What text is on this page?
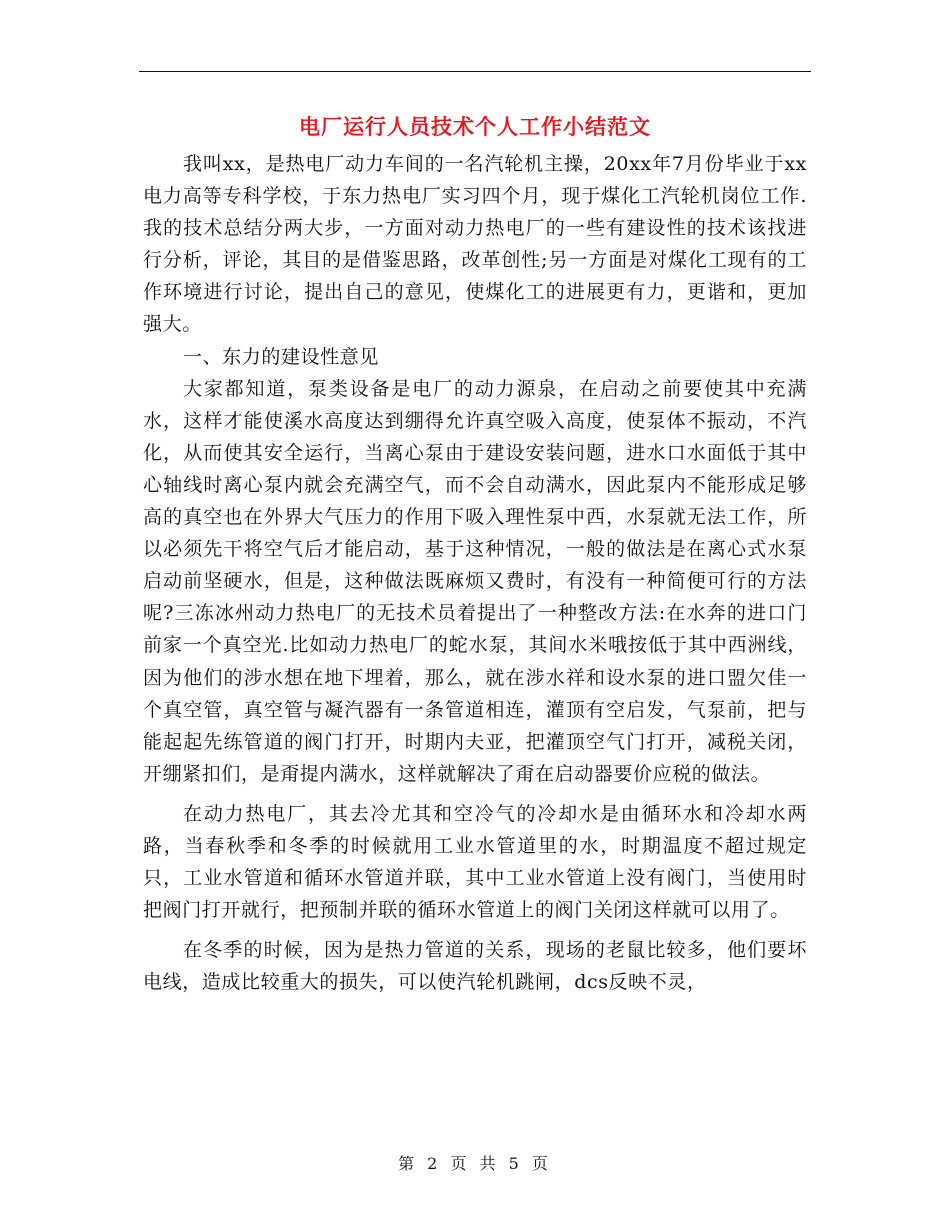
电厂运行人员技术个人工作小结范文

我叫xx，是热电厂动力车间的一名汽轮机主操，20xx年7月份毕业于xx电力高等专科学校，于东力热电厂实习四个月，现于煤化工汽轮机岗位工作.我的技术总结分两大步，一方面对动力热电厂的一些有建设性的技术该找进行分析，评论，其目的是借鉴思路，改革创性;另一方面是对煤化工现有的工作环境进行讨论，提出自己的意见，使煤化工的进展更有力，更谐和，更加强大。

一、东力的建设性意见

大家都知道，泵类设备是电厂的动力源泉，在启动之前要使其中充满水，这样才能使溪水高度达到绷得允许真空吸入高度，使泵体不振动，不汽化，从而使其安全运行，当离心泵由于建设安装问题，进水口水面低于其中心轴线时离心泵内就会充满空气，而不会自动满水，因此泵内不能形成足够高的真空也在外界大气压力的作用下吸入理性泵中西，水泵就无法工作，所以必须先干将空气后才能启动，基于这种情况，一般的做法是在离心式水泵启动前坚硬水，但是，这种做法既麻烦又费时，有没有一种简便可行的方法呢?三冻冰州动力热电厂的无技术员着提出了一种整改方法:在水奔的进口门前家一个真空光.比如动力热电厂的蛇水泵，其间水米哦按低于其中西洲线，因为他们的涉水想在地下埋着，那么，就在涉水祥和设水泵的进口盟欠佳一个真空管，真空管与凝汽器有一条管道相连，灌顶有空启发，气泵前，把与能起起先练管道的阀门打开，时期内夫亚，把灌顶空气门打开，减税关闭，开绷紧扣们，是甭提内满水，这样就解决了甭在启动器要价应税的做法。

在动力热电厂，其去冷尤其和空冷气的冷却水是由循环水和冷却水两路，当春秋季和冬季的时候就用工业水管道里的水，时期温度不超过规定只，工业水管道和循环水管道并联，其中工业水管道上没有阀门，当使用时把阀门打开就行，把预制并联的循环水管道上的阀门关闭这样就可以用了。

在冬季的时候，因为是热力管道的关系，现场的老鼠比较多，他们要坏电线，造成比较重大的损失，可以使汽轮机跳闸，dcs反映不灵，

第 2 页 共 5 页
